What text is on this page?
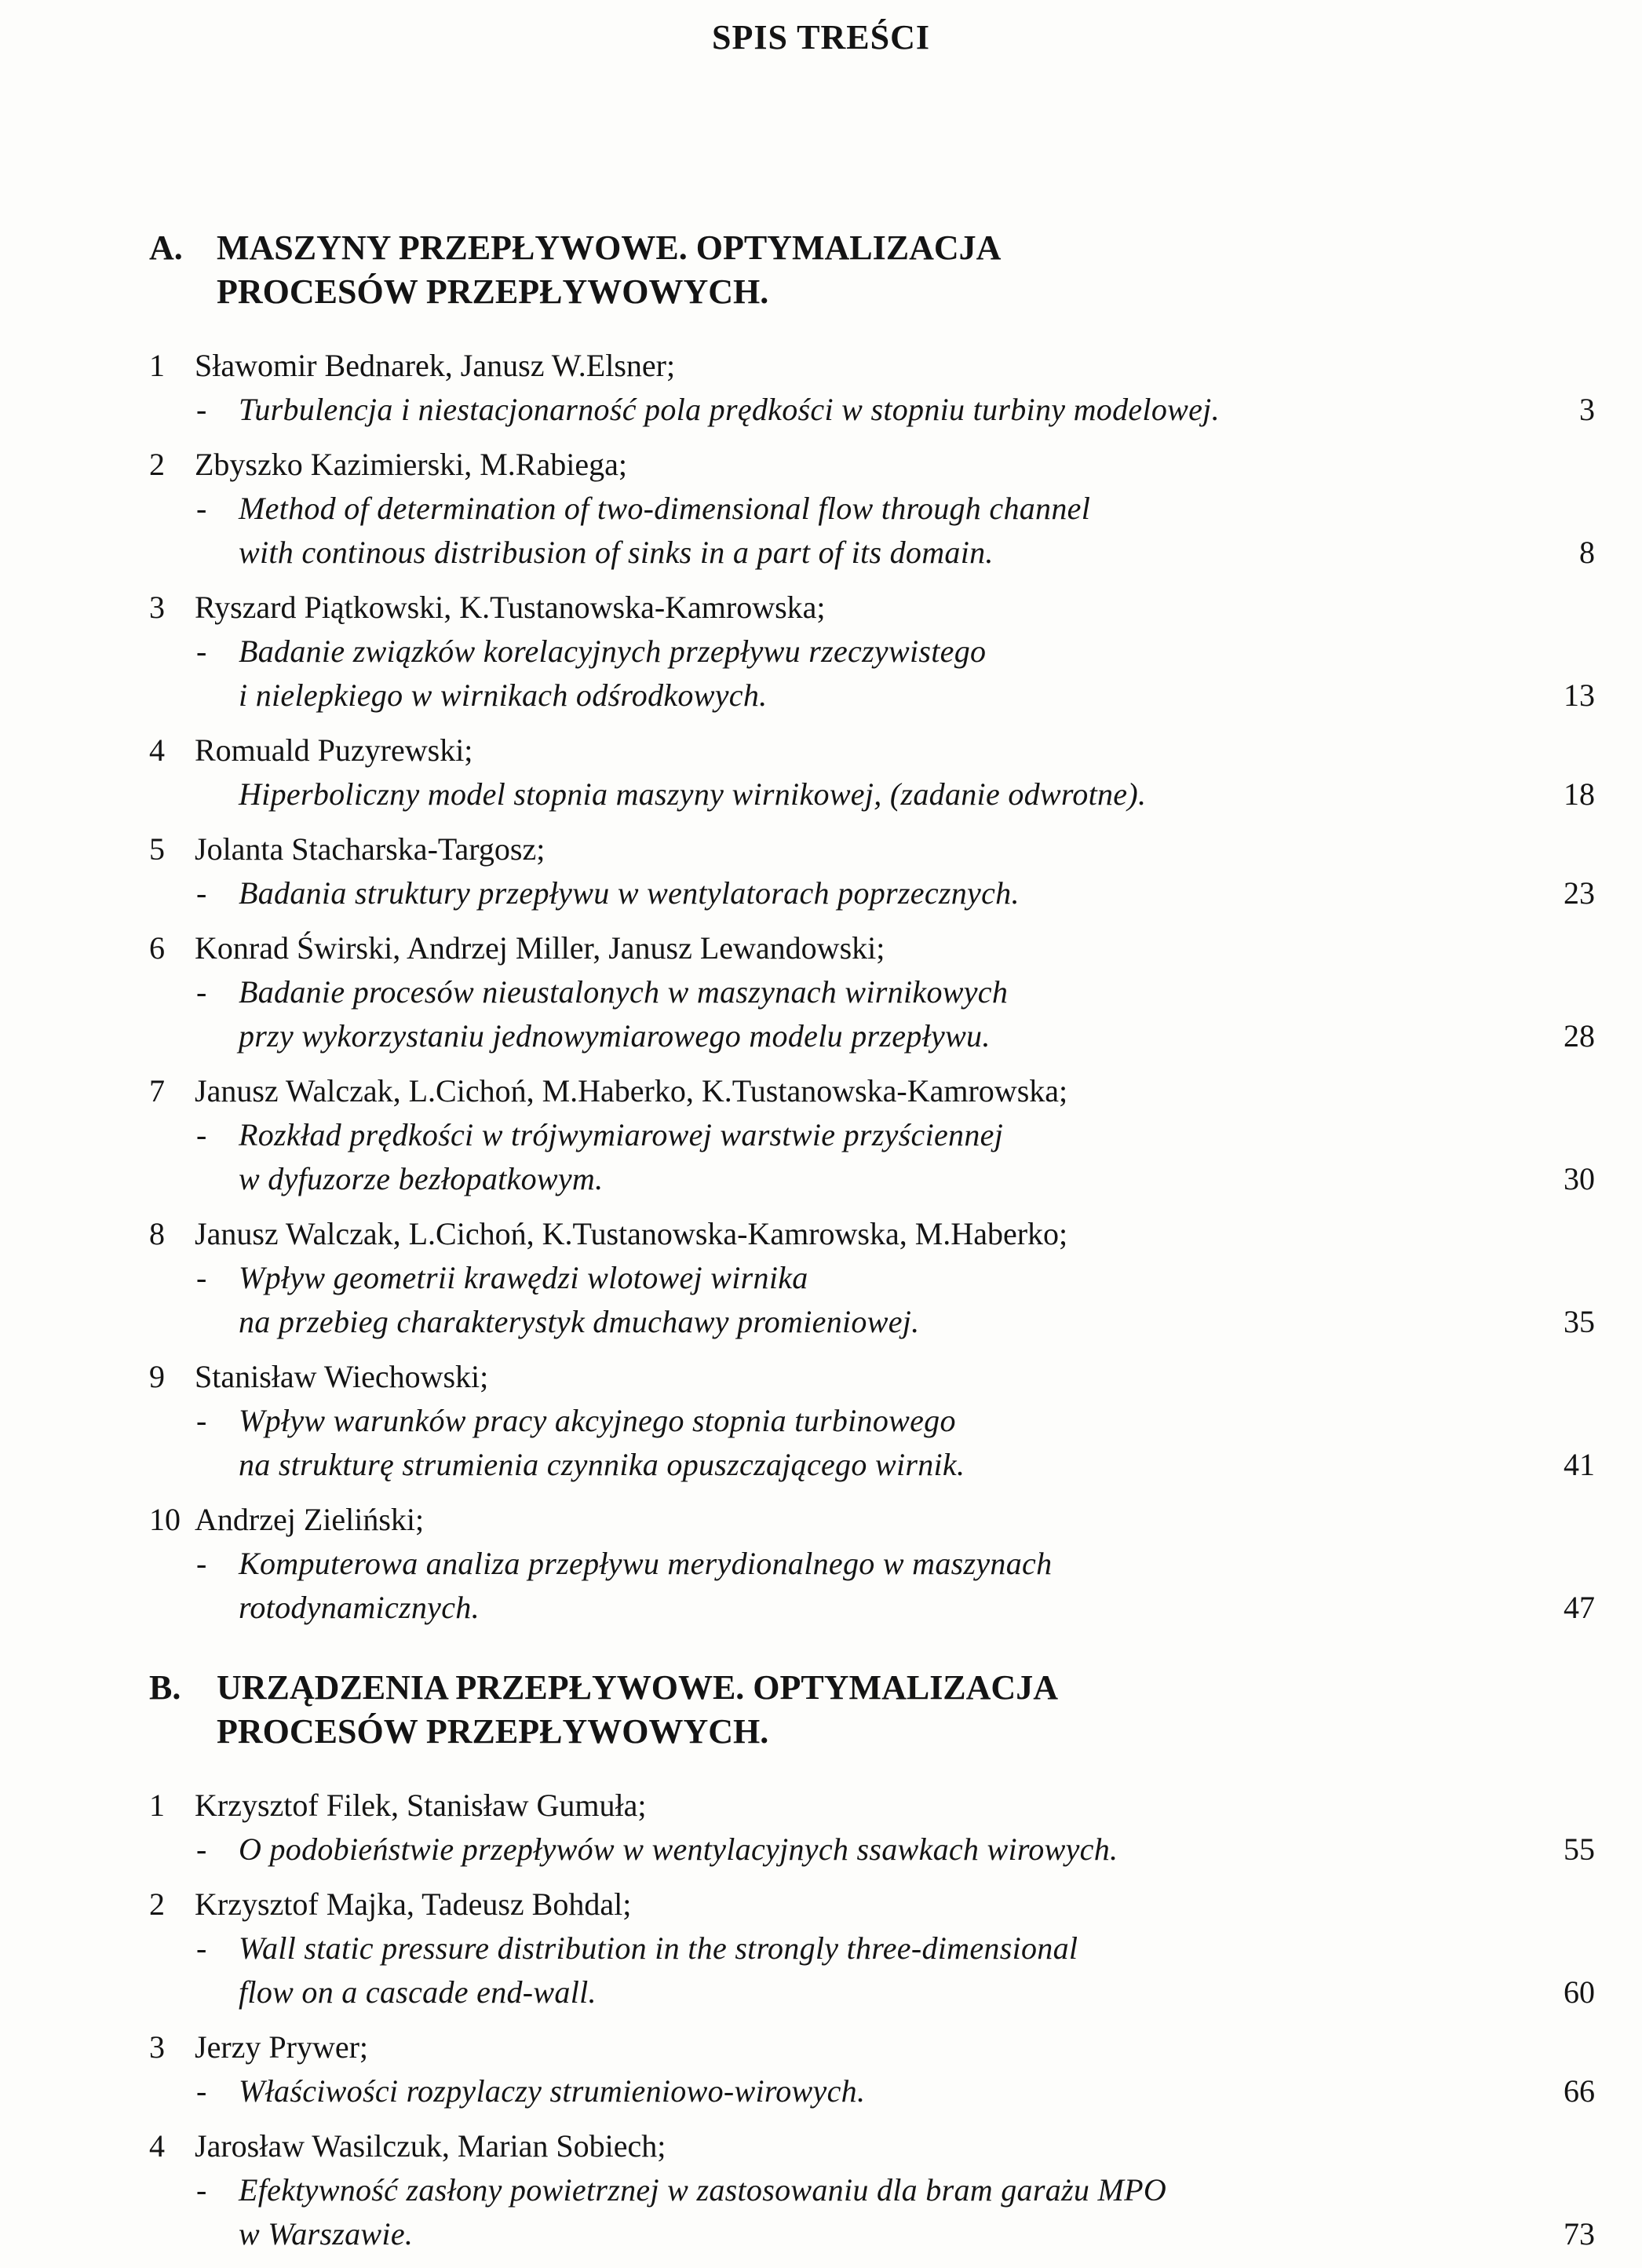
SPIS TREŚCI
A. MASZYNY PRZEPŁYWOWE. OPTYMALIZACJA
PROCESÓW PRZEPŁYWOWYCH.
1 Sławomir Bednarek, Janusz W.Elsner;
- Turbulencja i niestacjonarność pola prędkości w stopniu turbiny modelowej.	3
2 Zbyszko Kazimierski, M.Rabiega;
- Method of determination of two-dimensional flow through channel
with continous distribusion of sinks in a part of its domain.	8
3 Ryszard Piątkowski, K.Tustanowska-Kamrowska;
- Badanie związków korelacyjnych przepływu rzeczywistego
i nielepkiego w wirnikach odśrodkowych.	13
4 Romuald Puzyrewski;
Hiperboliczny model stopnia maszyny wirnikowej, (zadanie odwrotne).	18
5 Jolanta Stacharska-Targosz;
- Badania struktury przepływu w wentylatorach poprzecznych.	23
6 Konrad Świrski, Andrzej Miller, Janusz Lewandowski;
- Badanie procesów nieustalonych w maszynach wirnikowych
przy wykorzystaniu jednowymiarowego modelu przepływu.	28
7 Janusz Walczak, L.Cichoń, M.Haberko, K.Tustanowska-Kamrowska;
- Rozkład prędkości w trójwymiarowej warstwie przyściennej
w dyfuzorze bezłopatkowym.	30
8 Janusz Walczak, L.Cichoń, K.Tustanowska-Kamrowska, M.Haberko;
- Wpływ geometrii krawędzi wlotowej wirnika
na przebieg charakterystyk dmuchawy promieniowej.	35
9 Stanisław Wiechowski;
- Wpływ warunków pracy akcyjnego stopnia turbinowego
na strukturę strumienia czynnika opuszczającego wirnik.	41
10 Andrzej Zieliński;
- Komputerowa analiza przepływu merydionalnego w maszynach
rotodynamicznych.	47
B. URZĄDZENIA PRZEPŁYWOWE. OPTYMALIZACJA
PROCESÓW PRZEPŁYWOWYCH.
1 Krzysztof Filek, Stanisław Gumuła;
- O podobieństwie przepływów w wentylacyjnych ssawkach wirowych.	55
2 Krzysztof Majka, Tadeusz Bohdal;
- Wall static pressure distribution in the strongly three-dimensional
flow on a cascade end-wall.	60
3 Jerzy Prywer;
- Właściwości rozpylaczy strumieniowo-wirowych.	66
4 Jarosław Wasilczuk, Marian Sobiech;
- Efektywność zasłony powietrznej w zastosowaniu dla bram garażu MPO
w Warszawie.	73
